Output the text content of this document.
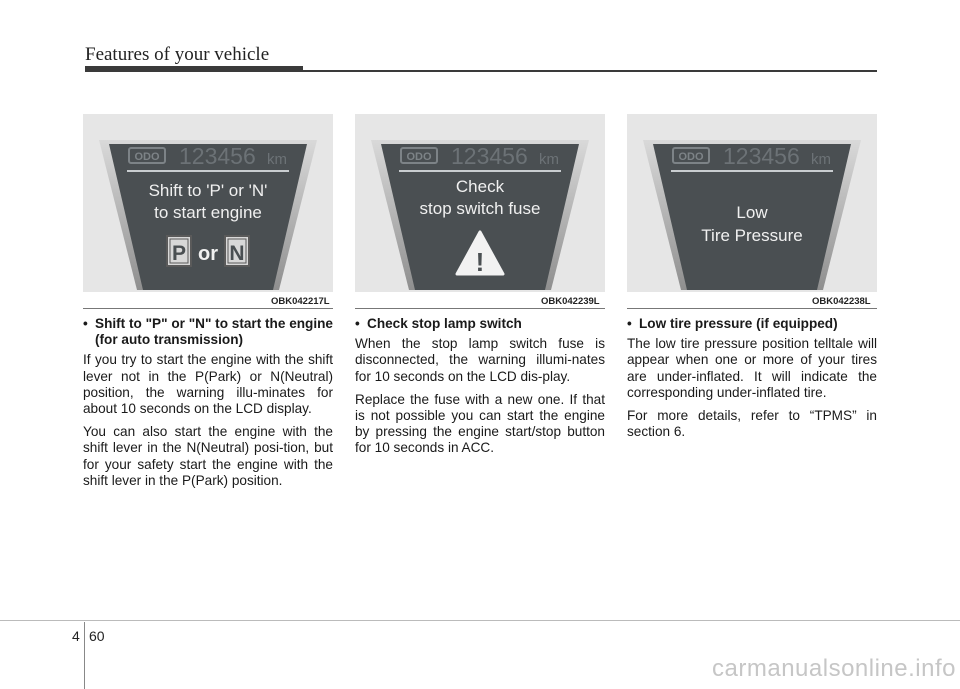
Features of your vehicle
ODO 123456 km
Shift to 'P' or 'N'
to start engine
P or N
OBK042217L
ODO 123456 km
Check
stop switch fuse
!
OBK042239L
ODO 123456 km
Low
Tire Pressure
OBK042238L
• Shift to "P" or "N" to start the engine (for auto transmission)

If you try to start the engine with the shift lever not in the P(Park) or N(Neutral) position, the warning illu-minates for about 10 seconds on the LCD display.

You can also start the engine with the shift lever in the N(Neutral) posi-tion, but for your safety start the engine with the shift lever in the P(Park) position.

• Check stop lamp switch

When the stop lamp switch fuse is disconnected, the warning illumi-nates for 10 seconds on the LCD dis-play.

Replace the fuse with a new one. If that is not possible you can start the engine by pressing the engine start/stop button for 10 seconds in ACC.

• Low tire pressure (if equipped)

The low tire pressure position telltale will appear when one or more of your tires are under-inflated. It will indicate the corresponding under-inflated tire.

For more details, refer to “TPMS” in section 6.

4 60
carmanualsonline.info
